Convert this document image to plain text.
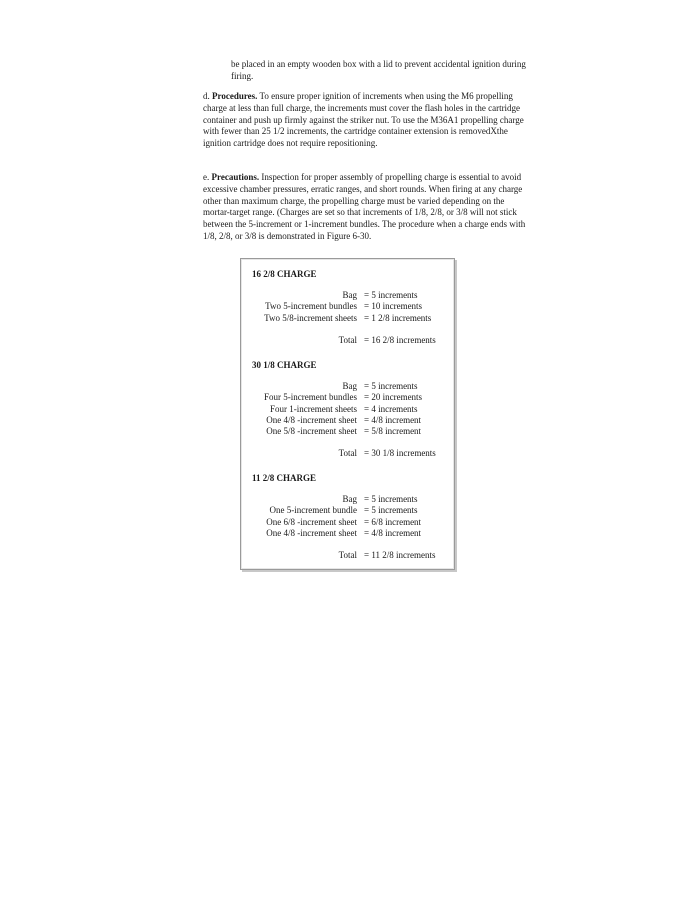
be placed in an empty wooden box with a lid to prevent accidental ignition during firing.

d. Procedures. To ensure proper ignition of increments when using the M6 propelling charge at less than full charge, the increments must cover the flash holes in the cartridge container and push up firmly against the striker nut. To use the M36A1 propelling charge with fewer than 25 1/2 increments, the cartridge container extension is removedXthe ignition cartridge does not require repositioning.

e. Precautions. Inspection for proper assembly of propelling charge is essential to avoid excessive chamber pressures, erratic ranges, and short rounds. When firing at any charge other than maximum charge, the propelling charge must be varied depending on the mortar-target range. (Charges are set so that increments of 1/8, 2/8, or 3/8 will not stick between the 5-increment or 1-increment bundles. The procedure when a charge ends with 1/8, 2/8, or 3/8 is demonstrated in Figure 6-30.

16 2/8 CHARGE
Bag = 5 increments
Two 5-increment bundles = 10 increments
Two 5/8-increment sheets = 1 2/8 increments
Total = 16 2/8 increments
30 1/8 CHARGE
Bag = 5 increments
Four 5-increment bundles = 20 increments
Four 1-increment sheets = 4 increments
One 4/8 -increment sheet = 4/8 increment
One 5/8 -increment sheet = 5/8 increment
Total = 30 1/8 increments
11 2/8 CHARGE
Bag = 5 increments
One 5-increment bundle = 5 increments
One 6/8 -increment sheet = 6/8 increment
One 4/8 -increment sheet = 4/8 increment
Total = 11 2/8 increments
